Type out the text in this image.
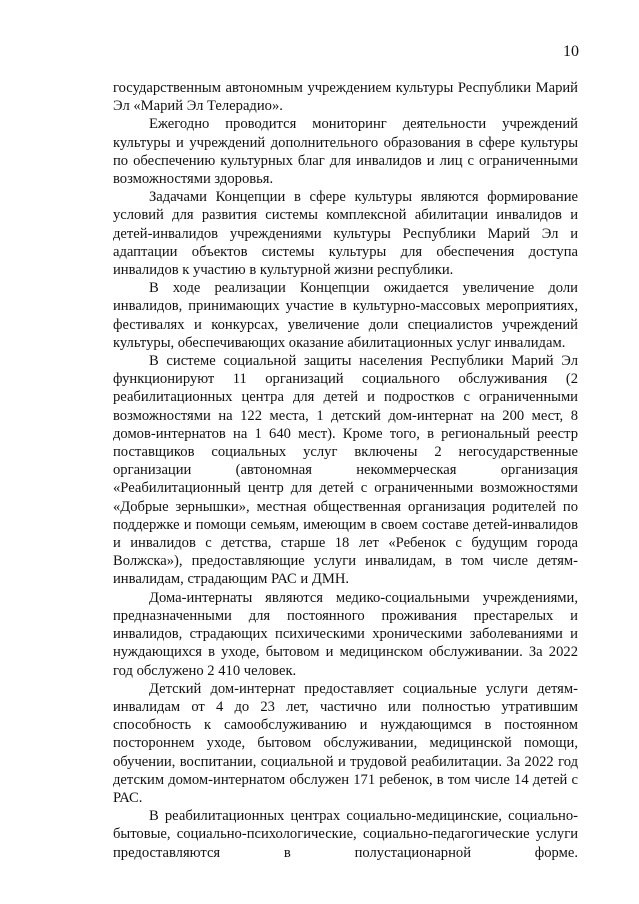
10

государственным автономным учреждением культуры Республики Марий Эл «Марий Эл Телерадио».

Ежегодно проводится мониторинг деятельности учреждений культуры и учреждений дополнительного образования в сфере культуры по обеспечению культурных благ для инвалидов и лиц с ограниченными возможностями здоровья.

Задачами Концепции в сфере культуры являются формирование условий для развития системы комплексной абилитации инвалидов и детей-инвалидов учреждениями культуры Республики Марий Эл и адаптации объектов системы культуры для обеспечения доступа инвалидов к участию в культурной жизни республики.

В ходе реализации Концепции ожидается увеличение доли инвалидов, принимающих участие в культурно-массовых мероприятиях, фестивалях и конкурсах, увеличение доли специалистов учреждений культуры, обеспечивающих оказание абилитационных услуг инвалидам.

В системе социальной защиты населения Республики Марий Эл функционируют 11 организаций социального обслуживания (2 реабилитационных центра для детей и подростков с ограниченными возможностями на 122 места, 1 детский дом-интернат на 200 мест, 8 домов-интернатов на 1 640 мест). Кроме того, в региональный реестр поставщиков социальных услуг включены 2 негосударственные организации (автономная некоммерческая организация «Реабилитационный центр для детей с ограниченными возможностями «Добрые зернышки», местная общественная организация родителей по поддержке и помощи семьям, имеющим в своем составе детей-инвалидов и инвалидов с детства, старше 18 лет «Ребенок с будущим города Волжска»), предоставляющие услуги инвалидам, в том числе детям-инвалидам, страдающим РАС и ДМН.

Дома-интернаты являются медико-социальными учреждениями, предназначенными для постоянного проживания престарелых и инвалидов, страдающих психическими хроническими заболеваниями и нуждающихся в уходе, бытовом и медицинском обслуживании. За 2022 год обслужено 2 410 человек.

Детский дом-интернат предоставляет социальные услуги детям-инвалидам от 4 до 23 лет, частично или полностью утратившим способность к самообслуживанию и нуждающимся в постоянном постороннем уходе, бытовом обслуживании, медицинской помощи, обучении, воспитании, социальной и трудовой реабилитации. За 2022 год детским домом-интернатом обслужен 171 ребенок, в том числе 14 детей с РАС.

В реабилитационных центрах социально-медицинские, социально-бытовые, социально-психологические, социально-педагогические услуги предоставляются в полустационарной форме.
